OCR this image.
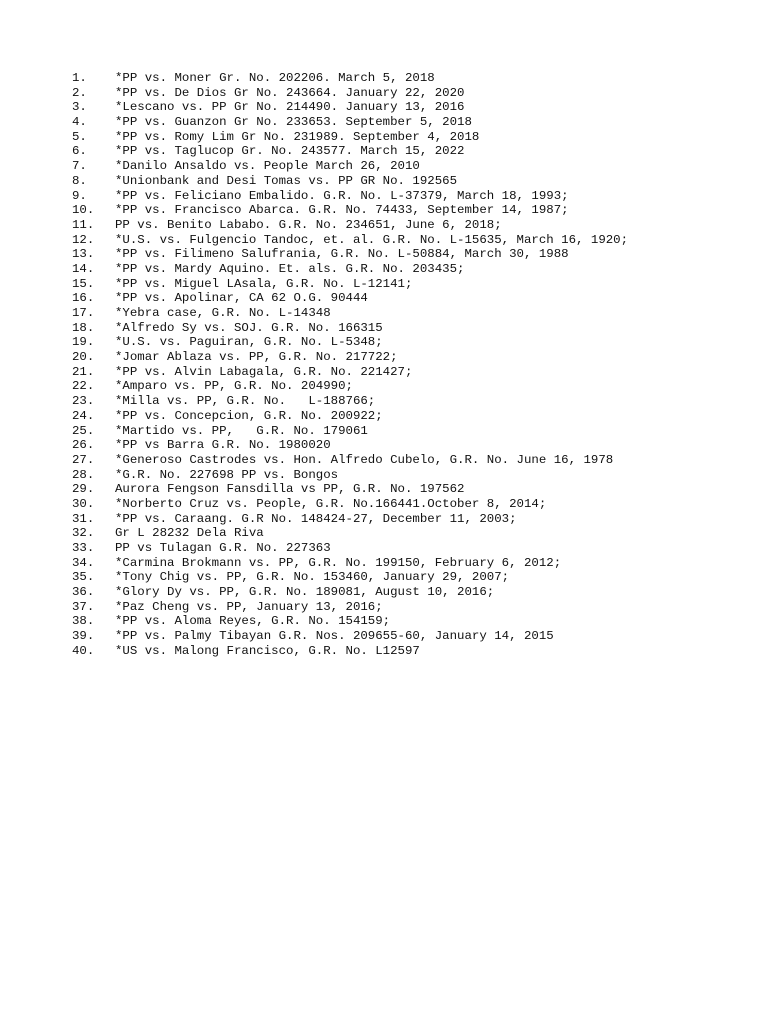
1.	*PP vs. Moner Gr. No. 202206. March 5, 2018
2.	*PP vs. De Dios Gr No. 243664. January 22, 2020
3.	*Lescano vs. PP Gr No. 214490. January 13, 2016
4.	*PP vs. Guanzon Gr No. 233653. September 5, 2018
5.	*PP vs. Romy Lim Gr No. 231989. September 4, 2018
6.	*PP vs. Taglucop Gr. No. 243577. March 15, 2022
7.	*Danilo Ansaldo vs. People March 26, 2010
8.	*Unionbank and Desi Tomas vs. PP GR No. 192565
9.	*PP vs. Feliciano Embalido. G.R. No. L-37379, March 18, 1993;
10.	*PP vs. Francisco Abarca. G.R. No. 74433, September 14, 1987;
11.	PP vs. Benito Lababo. G.R. No. 234651, June 6, 2018;
12.	*U.S. vs. Fulgencio Tandoc, et. al. G.R. No. L-15635, March 16, 1920;
13.	*PP vs. Filimeno Salufrania, G.R. No. L-50884, March 30, 1988
14.	*PP vs. Mardy Aquino. Et. als. G.R. No. 203435;
15.	*PP vs. Miguel LAsala, G.R. No. L-12141;
16.	*PP vs. Apolinar, CA 62 O.G. 90444
17.	*Yebra case, G.R. No. L-14348
18.	*Alfredo Sy vs. SOJ. G.R. No. 166315
19.	*U.S. vs. Paguiran, G.R. No. L-5348;
20.	*Jomar Ablaza vs. PP, G.R. No. 217722;
21.	*PP vs. Alvin Labagala, G.R. No. 221427;
22.	*Amparo vs. PP, G.R. No. 204990;
23.	*Milla vs. PP, G.R. No.   L-188766;
24.	*PP vs. Concepcion, G.R. No. 200922;
25.	*Martido vs. PP,   G.R. No. 179061
26.	*PP vs Barra G.R. No. 1980020
27.	*Generoso Castrodes vs. Hon. Alfredo Cubelo, G.R. No. June 16, 1978
28.	*G.R. No. 227698 PP vs. Bongos
29.	Aurora Fengson Fansdilla vs PP, G.R. No. 197562
30.	*Norberto Cruz vs. People, G.R. No.166441.October 8, 2014;
31.	*PP vs. Caraang. G.R No. 148424-27, December 11, 2003;
32.	Gr L 28232 Dela Riva
33.	PP vs Tulagan G.R. No. 227363
34.	*Carmina Brokmann vs. PP, G.R. No. 199150, February 6, 2012;
35.	*Tony Chig vs. PP, G.R. No. 153460, January 29, 2007;
36.	*Glory Dy vs. PP, G.R. No. 189081, August 10, 2016;
37.	*Paz Cheng vs. PP, January 13, 2016;
38.	*PP vs. Aloma Reyes, G.R. No. 154159;
39.	*PP vs. Palmy Tibayan G.R. Nos. 209655-60, January 14, 2015
40.	*US vs. Malong Francisco, G.R. No. L12597
